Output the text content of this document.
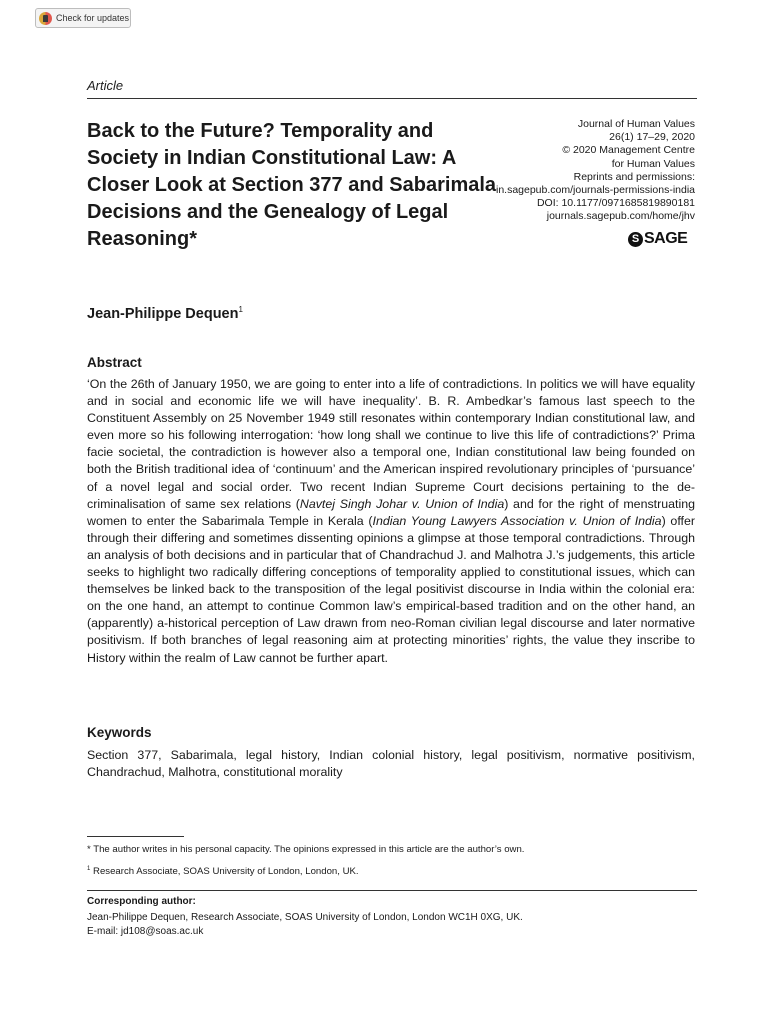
Check for updates
Article
Back to the Future? Temporality and Society in Indian Constitutional Law: A Closer Look at Section 377 and Sabarimala Decisions and the Genealogy of Legal Reasoning*
Journal of Human Values
26(1) 17–29, 2020
© 2020 Management Centre
for Human Values
Reprints and permissions:
in.sagepub.com/journals-permissions-india
DOI: 10.1177/0971685819890181
journals.sagepub.com/home/jhv
S SAGE
Jean-Philippe Dequen$^1$
Abstract
‘On the 26th of January 1950, we are going to enter into a life of contradictions. In politics we will have equality and in social and economic life we will have inequality’. B. R. Ambedkar’s famous last speech to the Constituent Assembly on 25 November 1949 still resonates within contemporary Indian constitutional law, and even more so his following interrogation: ‘how long shall we continue to live this life of contradictions?’ Prima facie societal, the contradiction is however also a temporal one, Indian constitutional law being founded on both the British traditional idea of ‘continuum’ and the American inspired revolutionary principles of ‘pursuance’ of a novel legal and social order. Two recent Indian Supreme Court decisions pertaining to the de-criminalisation of same sex relations (Navtej Singh Johar v. Union of India) and for the right of menstruating women to enter the Sabarimala Temple in Kerala (Indian Young Lawyers Association v. Union of India) offer through their differing and sometimes dissenting opinions a glimpse at those temporal contradictions. Through an analysis of both decisions and in particular that of Chandrachud J. and Malhotra J.’s judgements, this article seeks to highlight two radically differing conceptions of temporality applied to constitutional issues, which can themselves be linked back to the transposition of the legal positivist discourse in India within the colonial era: on the one hand, an attempt to continue Common law’s empirical-based tradition and on the other hand, an (apparently) a-historical perception of Law drawn from neo-Roman civilian legal discourse and later normative positivism. If both branches of legal reasoning aim at protecting minorities’ rights, the value they inscribe to History within the realm of Law cannot be further apart.
Keywords
Section 377, Sabarimala, legal history, Indian colonial history, legal positivism, normative positivism, Chandrachud, Malhotra, constitutional morality
* The author writes in his personal capacity. The opinions expressed in this article are the author’s own.
$^1$ Research Associate, SOAS University of London, London, UK.
Corresponding author:
Jean-Philippe Dequen, Research Associate, SOAS University of London, London WC1H 0XG, UK.
E-mail: jd108@soas.ac.uk
